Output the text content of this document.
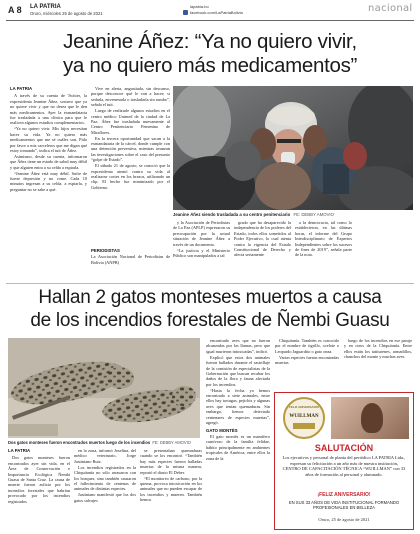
A 8 LA PATRIA
Oruro, miércoles 25 de agosto de 2021
lapatria.bo
facebook.com/LaPatriaBolivia	nacional
Jeanine Áñez: “Ya no quiero vivir,
ya no quiero más medicamentos”
LA PATRIA

A través de su cuenta de Twitter, la expresidenta Jeanine Áñez, sostuvo que ya no quiere vivir y que no desea que le den más medicamentos. Ayer la exmandataria fue trasladada a una clínica para que le realicen algunos estudios complementarios.

“Ya no quiero vivir. Mis hijos necesitan hacer su vida. Ya no quiero más medicamentos que me sé cuáles son. Pido por favor a mis carceleros que me digan qué estoy tomando”, indica el tuit de Áñez.

Asimismo, desde su cuenta, informaron que Áñez tiene un estado de salud muy débil y que alguien entra a su celda a espiarla.

“Jeanine Áñez está muy débil. Sufre de fuerte depresión y no come. Cada 10 minutos ingresan a su celda, a espiarla, y preguntar no se sabe a qué.

Vive en alerta, angustiada, sin descanso, porque desconoce qué le van a hacer; si sedarla, envenenarla o trasladarla sin rumbo”, señala el tuit.

Luego de realizarle algunos estudios en el centro médico Unimed de la ciudad de La Paz, Áñez fue trasladada nuevamente al Centro Penitenciario Femenino de Miraflores.

En la tercera oportunidad que sacan a la exmandataria de la cárcel, donde cumple con una detención preventiva, mientras avanzan las investigaciones sobre el caso del presunto “golpe de Estado”.

El sábado 21 de agosto, se conoció que la expresidenta atentó contra su vida al realizarse cortes en los brazos, utilizando un clip. El hecho fue minimizado por el Gobierno.

Jeanine Áñez siendo trasladada a su centro penitenciario FE: DEBBY AMOVIO

y la Asociación de Periodistas de La Paz (APLP) expresaron su preocupación por la actual situación de Jeanine Áñez a través de un documento.

“La justicia y el Ministerio Público son manipulados a tal

grado que ha desaparecido la independencia de los poderes del Estado, todos ellos sometidos al Poder Ejecutivo, lo cual atenta contra la vigencia del Estado Constitucional de Derecho y afecta seriamente

a la democracia, tal como lo establecieron, en las últimas horas, el informe del Grupo Interdisciplinario de Expertos Independientes sobre los sucesos de fines de 2019”, señala parte de la nota.

PERIODISTAS

La Asociación Nacional de Periodistas de Bolivia (ANPB)

Hallan 2 gatos monteses muertos a causa
de los incendios forestales de Ñembi Guasu
Dos gatos monteses fueron encontrados muertos luego de los incendios FE: DEBBY AMOVIO
LA PATRIA

Dos gatos monteses fueron encontrados ayer sin vida, en el Área de Conservación e Importancia Ecológica Ñembi Guasu de Santa Cruz. La causa de muerte fueron asfixia por los incendios forestales que habrían provocado por los incendios registrados

en la zona, informó Josefina, del médico veterinario, Jorge Justiniano Ruiz.

Los incendios registrados en la Chiquitanía no sólo arrasaron con los bosques, sino también causaron el fallecimiento de centenas de animales de distintas especies.

Justiniano manifestó que los dos gatos salvajes

se presentaban quemaduras cuando se los encontró. “También hay más especies fueron halladas muertas de la misma manera, reportó el diario El Deber.

“El monitoreo de carbono, por la quema, provoca intoxicación en los animales que no pueden escapar de los incendios y mueren. También hemos

encontrado aves que no fueron alcanzadas por las llamas, pero que igual murieron intoxicadas”, indicó.

Explicó que estos dos animales fueron hallados durante el rastrillaje de la comisión de especialistas de la Gobernación que buscan recabar los daños de la flora y fauna afectada por los incendios.

“Hasta la fecha ya hemos encontrado a siete animales, entre ellos hay tortugas, pejichis y algunas aves que tenían quemaduras. Sin embargo, hemos detectado centenares de especies muertas”, agregó.

GATO MONTÉS

El gato montés es un mamífero carnívoro de la familia felidae, hábito principalmente en ambientes tropicales de América, entre ellos la zona de la

Chiquitanía. También es conocido por el nombre de tigrillo, ocelote o Leopardo Jaguardito o gato onza.

Varias especies fueron encontradas muertas

luego de los incendios en ese paraje y en otros de la Chiquitanía. Entre ellos están los tatiturenes, armadillos, chanchos del monte y muchas aves.

FELIZ ANIVERSARIO
WUILLMAN
SALUTACIÓN
Los ejecutivos y personal de planta del periódico LA PATRIA Ltda., expresan su felicitación a un año más de nuestra institución, CENTRO DE CAPACITACIÓN TÉCNICA “WUILLMAN” con 33 años de formación al personal y alumnado.
¡FELIZ ANIVERSARIO!
EN SUS 33 AÑOS DE VIDA INSTITUCIONAL FORMANDO PROFESIONALES EN BELLEZA
Oruro, 25 de agosto de 2021
